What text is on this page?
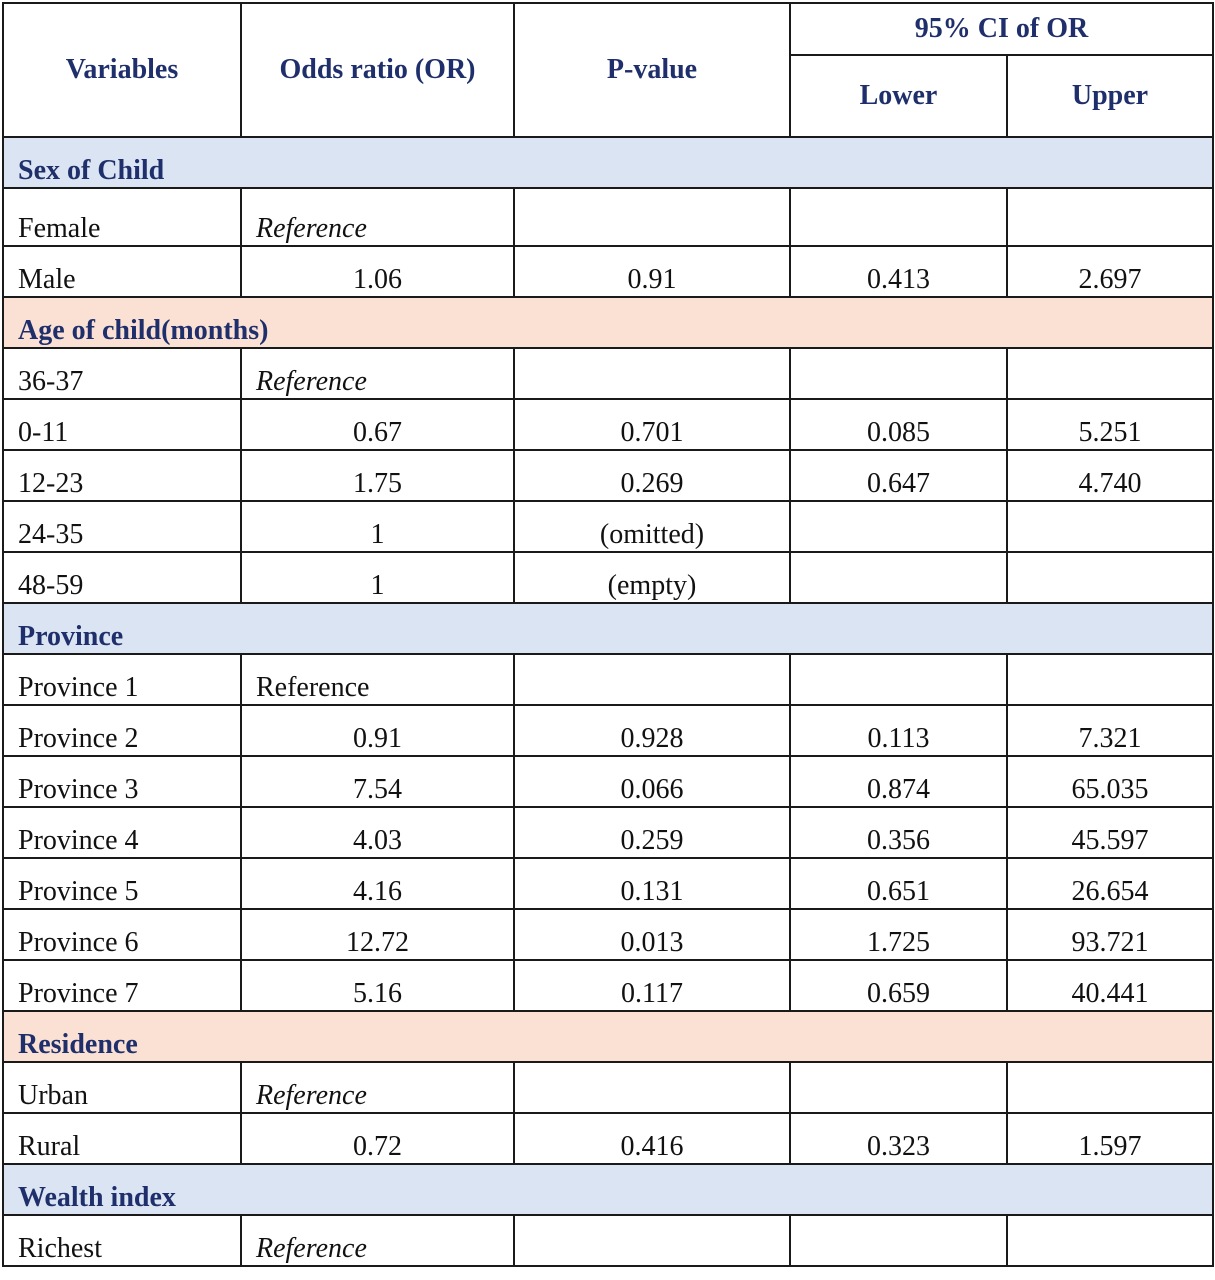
Variables	Odds ratio (OR)	P-value	95% CI of OR	
			Lower	Upper
Sex of Child				
Female	Reference			
Male	1.06	0.91	0.413	2.697
Age of child(months)				
36-37	Reference			
0-11	0.67	0.701	0.085	5.251
12-23	1.75	0.269	0.647	4.740
24-35	1	(omitted)		
48-59	1	(empty)		
Province				
Province 1	Reference			
Province 2	0.91	0.928	0.113	7.321
Province 3	7.54	0.066	0.874	65.035
Province 4	4.03	0.259	0.356	45.597
Province 5	4.16	0.131	0.651	26.654
Province 6	12.72	0.013	1.725	93.721
Province 7	5.16	0.117	0.659	40.441
Residence				
Urban	Reference			
Rural	0.72	0.416	0.323	1.597
Wealth index				
Richest	Reference			
